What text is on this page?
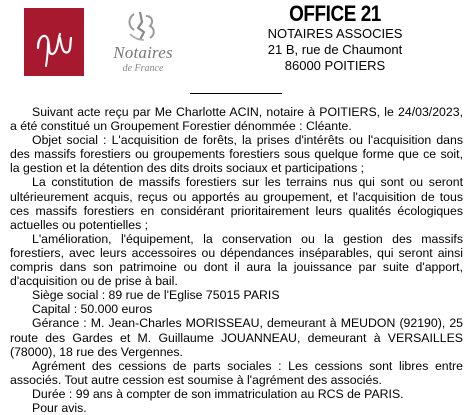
Notaires
de France
OFFICE 21
NOTAIRES ASSOCIES
21 B, rue de Chaumont
86000 POITIERS

Suivant acte reçu par Me Charlotte ACIN, notaire à POITIERS, le 24/03/2023, a été constitué un Groupement Forestier dénommée : Cléante.

Objet social : L'acquisition de forêts, la prises d'intérêts ou l'acquisition dans des massifs forestiers ou groupements forestiers sous quelque forme que ce soit, la gestion et la détention des dits droits sociaux et participations ;

La constitution de massifs forestiers sur les terrains nus qui sont ou seront ultérieurement acquis, reçus ou apportés au groupement, et l'acquisition de tous ces massifs forestiers en considérant prioritairement leurs qualités écologiques actuelles ou potentielles ;

L'amélioration, l'équipement, la conservation ou la gestion des massifs forestiers, avec leurs accessoires ou dépendances inséparables, qui seront ainsi compris dans son patrimoine ou dont il aura la jouissance par suite d'apport, d'acquisition ou de prise à bail.

Siège social : 89 rue de l'Eglise 75015 PARIS

Capital : 50.000 euros

Gérance : M. Jean-Charles MORISSEAU, demeurant à MEUDON (92190), 25 route des Gardes et M. Guillaume JOUANNEAU, demeurant à VERSAILLES (78000), 18 rue des Vergennes.

Agrément des cessions de parts sociales : Les cessions sont libres entre associés. Tout autre cession est soumise à l'agrément des associés.

Durée : 99 ans à compter de son immatriculation au RCS de PARIS.

Pour avis.
